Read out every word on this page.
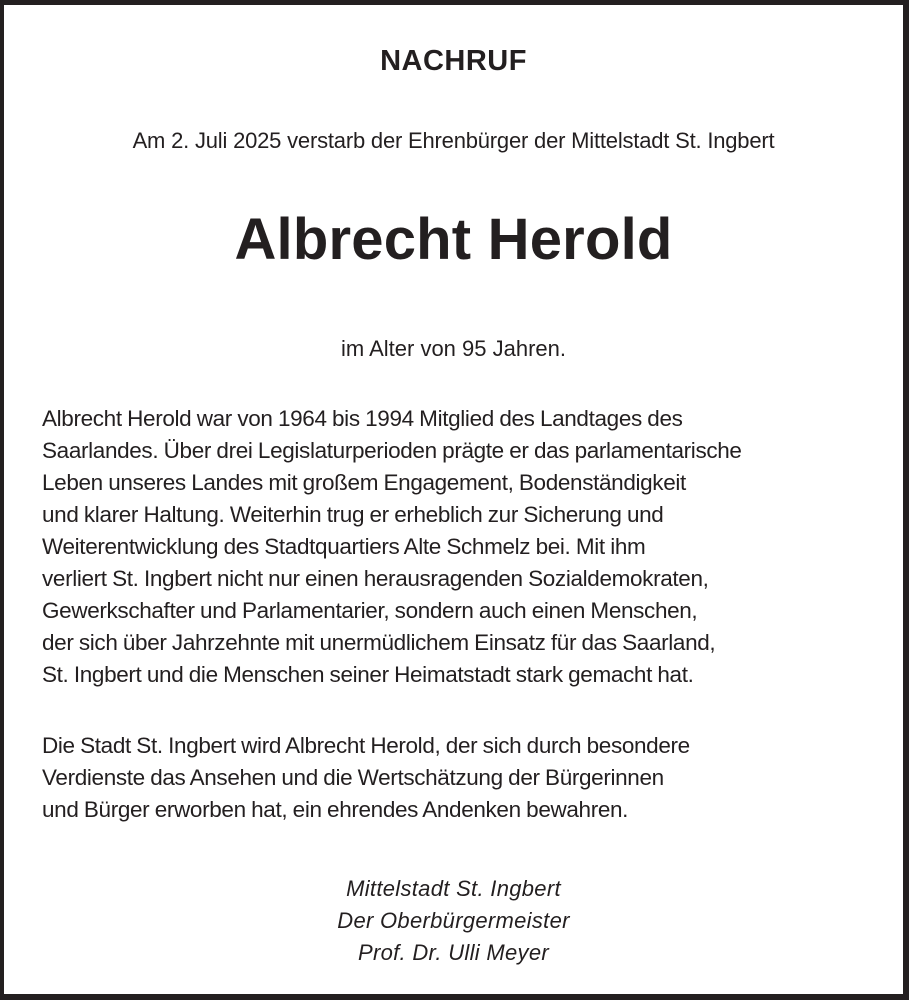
NACHRUF
Am 2. Juli 2025 verstarb der Ehrenbürger der Mittelstadt St. Ingbert
Albrecht Herold
im Alter von 95 Jahren.
Albrecht Herold war von 1964 bis 1994 Mitglied des Landtages des
Saarlandes. Über drei Legislaturperioden prägte er das parlamentarische
Leben unseres Landes mit großem Engagement, Bodenständigkeit
und klarer Haltung. Weiterhin trug er erheblich zur Sicherung und
Weiterentwicklung des Stadtquartiers Alte Schmelz bei. Mit ihm
verliert St. Ingbert nicht nur einen herausragenden Sozialdemokraten,
Gewerkschafter und Parlamentarier, sondern auch einen Menschen,
der sich über Jahrzehnte mit unermüdlichem Einsatz für das Saarland,
St. Ingbert und die Menschen seiner Heimatstadt stark gemacht hat.
Die Stadt St. Ingbert wird Albrecht Herold, der sich durch besondere
Verdienste das Ansehen und die Wertschätzung der Bürgerinnen
und Bürger erworben hat, ein ehrendes Andenken bewahren.
Mittelstadt St. Ingbert
Der Oberbürgermeister
Prof. Dr. Ulli Meyer
